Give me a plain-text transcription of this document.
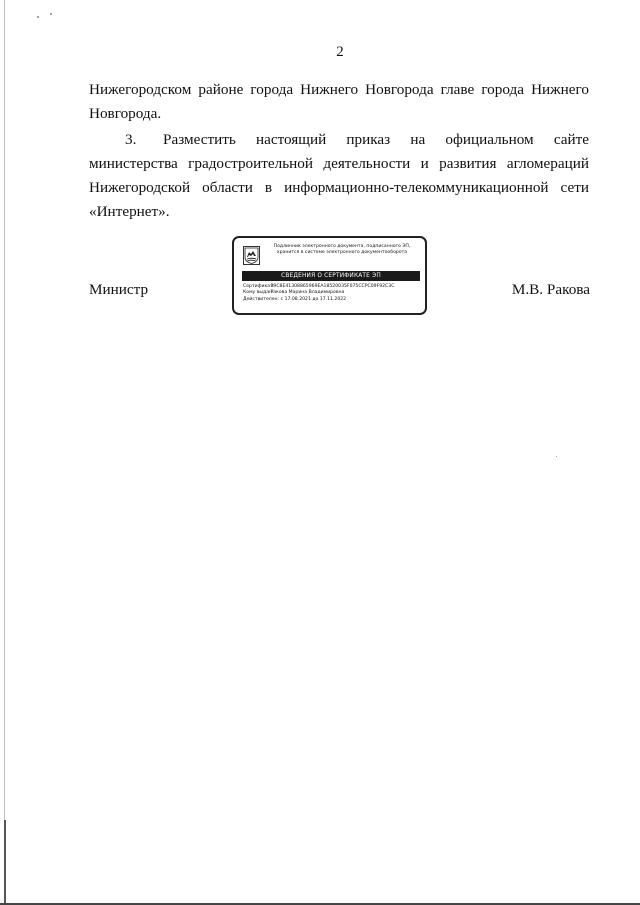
2

Нижегородском районе города Нижнего Новгорода главе города Нижнего Новгорода.

3. Разместить настоящий приказ на официальном сайте министерства градостроительной деятельности и развития агломераций Нижегородской области в информационно-телекоммуникационной сети «Интернет».

Министр	М.В. Ракова
Подлинник электронного документа, подписанного ЭП, хранится в системе электронного документооборота
СВЕДЕНИЯ О СЕРТИФИКАТЕ ЭП
Сертификат: 39C8E41308865969EA18520035F075CCPC09F92C3C
Кому выдан: Ракова Марина Владимировна
Действителен: с 17.08.2021 до 17.11.2022
